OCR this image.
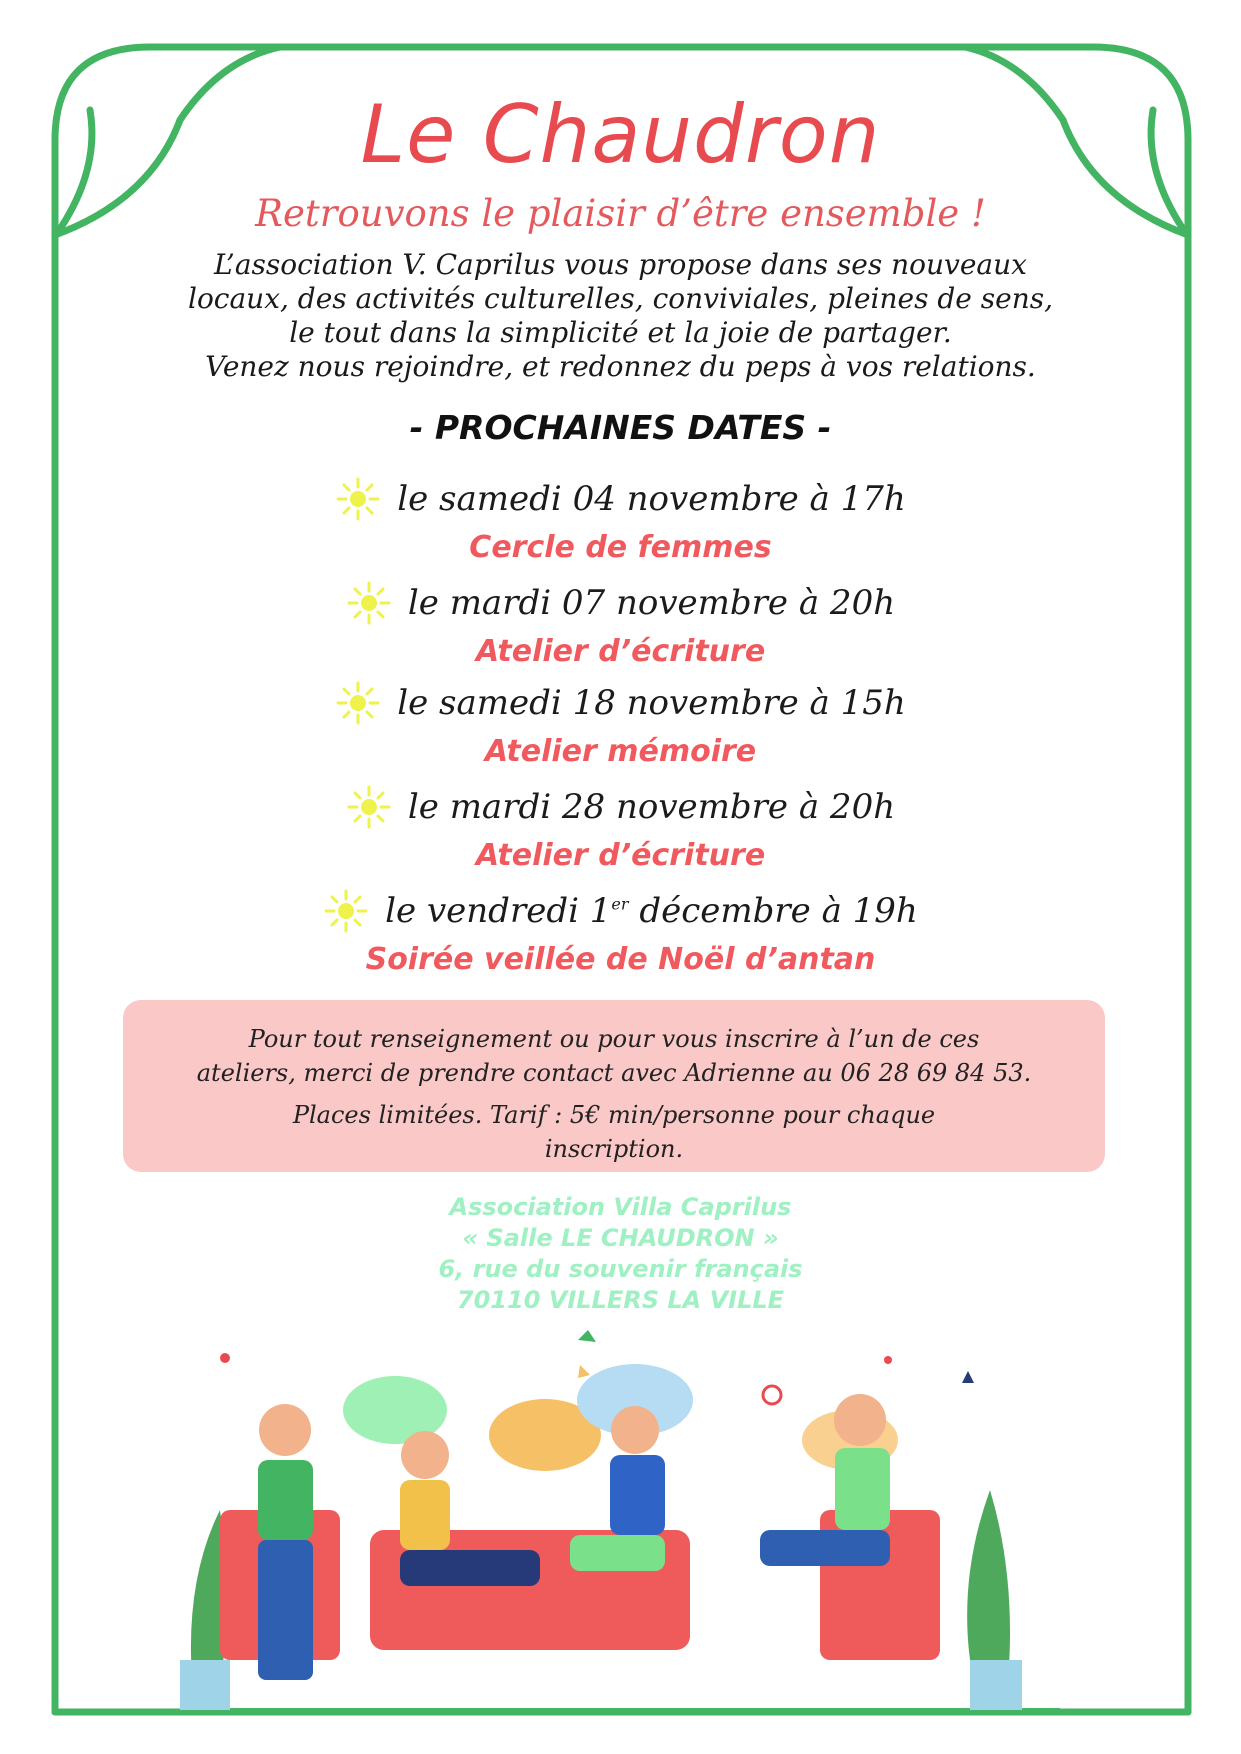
Le Chaudron
Retrouvons le plaisir d’être ensemble !
L’association V. Caprilus vous propose dans ses nouveaux
locaux, des activités culturelles, conviviales, pleines de sens,
le tout dans la simplicité et la joie de partager.
Venez nous rejoindre, et redonnez du peps à vos relations.
- PROCHAINES DATES -
le samedi 04 novembre à 17h
Cercle de femmes
le mardi 07 novembre à 20h
Atelier d’écriture
le samedi 18 novembre à 15h
Atelier mémoire
le mardi 28 novembre à 20h
Atelier d’écriture
le vendredi 1er décembre à 19h
Soirée veillée de Noël d’antan
Pour tout renseignement ou pour vous inscrire à l’un de ces
ateliers, merci de prendre contact avec Adrienne au 06 28 69 84 53.
Places limitées. Tarif : 5€ min/personne pour chaque
inscription.
Association Villa Caprilus
« Salle LE CHAUDRON »
6, rue du souvenir français
70110 VILLERS LA VILLE
